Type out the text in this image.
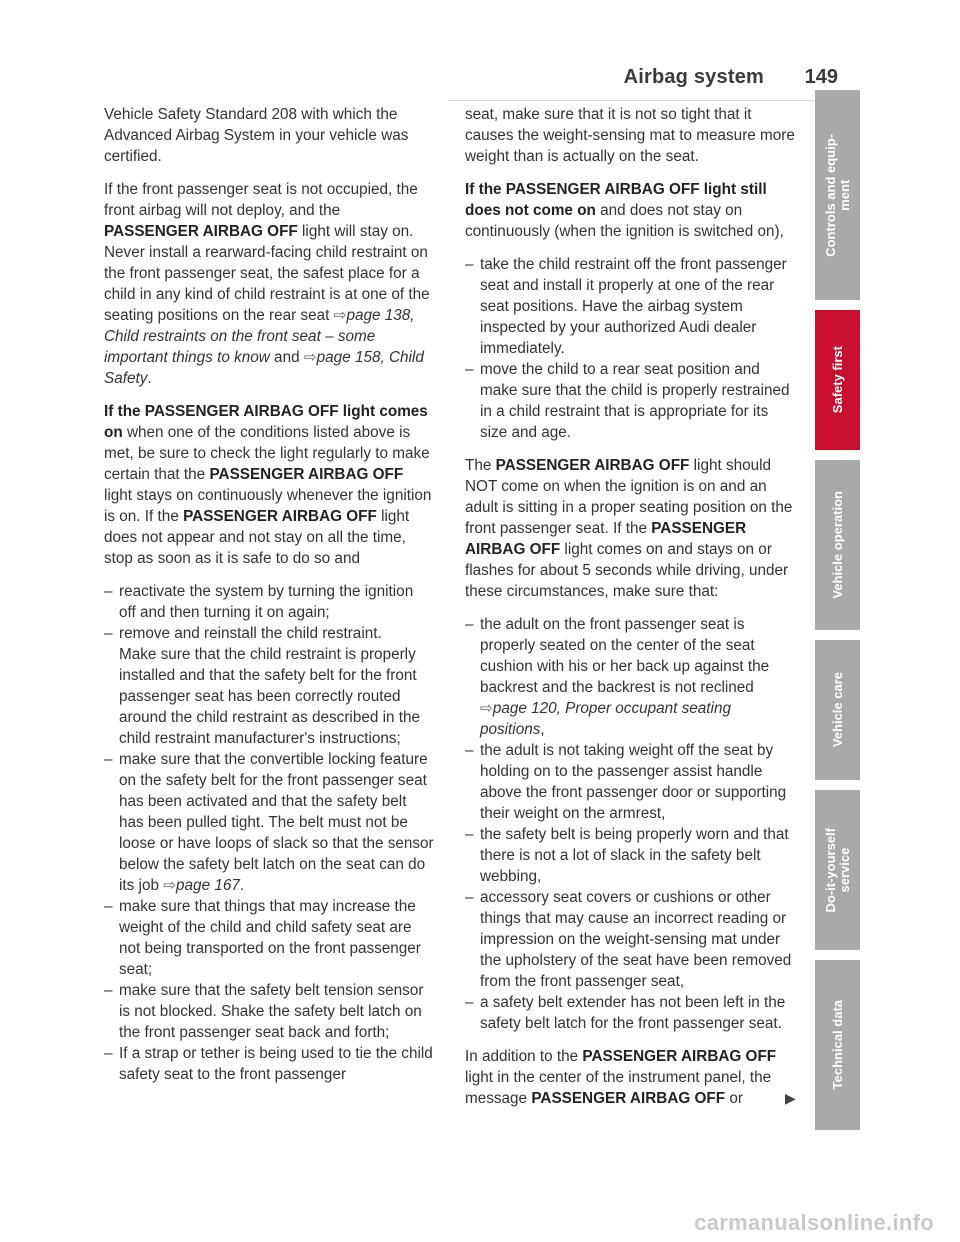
Airbag system 149

Vehicle Safety Standard 208 with which the Advanced Airbag System in your vehicle was certified.

If the front passenger seat is not occupied, the front airbag will not deploy, and the PASSENGER AIRBAG OFF light will stay on. Never install a rearward-facing child restraint on the front passenger seat, the safest place for a child in any kind of child restraint is at one of the seating positions on the rear seat ⇨page 138, Child restraints on the front seat – some important things to know and ⇨page 158, Child Safety.

If the PASSENGER AIRBAG OFF light comes on when one of the conditions listed above is met, be sure to check the light regularly to make certain that the PASSENGER AIRBAG OFF light stays on continuously whenever the ignition is on. If the PASSENGER AIRBAG OFF light does not appear and not stay on all the time, stop as soon as it is safe to do so and

– reactivate the system by turning the ignition off and then turning it on again;
– remove and reinstall the child restraint.
Make sure that the child restraint is properly installed and that the safety belt for the front passenger seat has been correctly routed around the child restraint as described in the child restraint manufacturer's instructions;
– make sure that the convertible locking feature on the safety belt for the front passenger seat has been activated and that the safety belt has been pulled tight. The belt must not be loose or have loops of slack so that the sensor below the safety belt latch on the seat can do its job ⇨page 167.
– make sure that things that may increase the weight of the child and child safety seat are not being transported on the front passenger seat;
– make sure that the safety belt tension sensor is not blocked. Shake the safety belt latch on the front passenger seat back and forth;
– If a strap or tether is being used to tie the child safety seat to the front passenger

seat, make sure that it is not so tight that it causes the weight-sensing mat to measure more weight than is actually on the seat.

If the PASSENGER AIRBAG OFF light still does not come on and does not stay on continuously (when the ignition is switched on),

– take the child restraint off the front passenger seat and install it properly at one of the rear seat positions. Have the airbag system inspected by your authorized Audi dealer immediately.
– move the child to a rear seat position and make sure that the child is properly restrained in a child restraint that is appropriate for its size and age.

The PASSENGER AIRBAG OFF light should NOT come on when the ignition is on and an adult is sitting in a proper seating position on the front passenger seat. If the PASSENGER AIRBAG OFF light comes on and stays on or flashes for about 5 seconds while driving, under these circumstances, make sure that:

– the adult on the front passenger seat is properly seated on the center of the seat cushion with his or her back up against the backrest and the backrest is not reclined ⇨page 120, Proper occupant seating positions,
– the adult is not taking weight off the seat by holding on to the passenger assist handle above the front passenger door or supporting their weight on the armrest,
– the safety belt is being properly worn and that there is not a lot of slack in the safety belt webbing,
– accessory seat covers or cushions or other things that may cause an incorrect reading or impression on the weight-sensing mat under the upholstery of the seat have been removed from the front passenger seat,
– a safety belt extender has not been left in the safety belt latch for the front passenger seat.

In addition to the PASSENGER AIRBAG OFF light in the center of the instrument panel, the message PASSENGER AIRBAG OFF or	▶
Controls and equip-
ment
Safety first
Vehicle operation
Vehicle care
Do-it-yourself
service
Technical data
carmanualsonline.info
